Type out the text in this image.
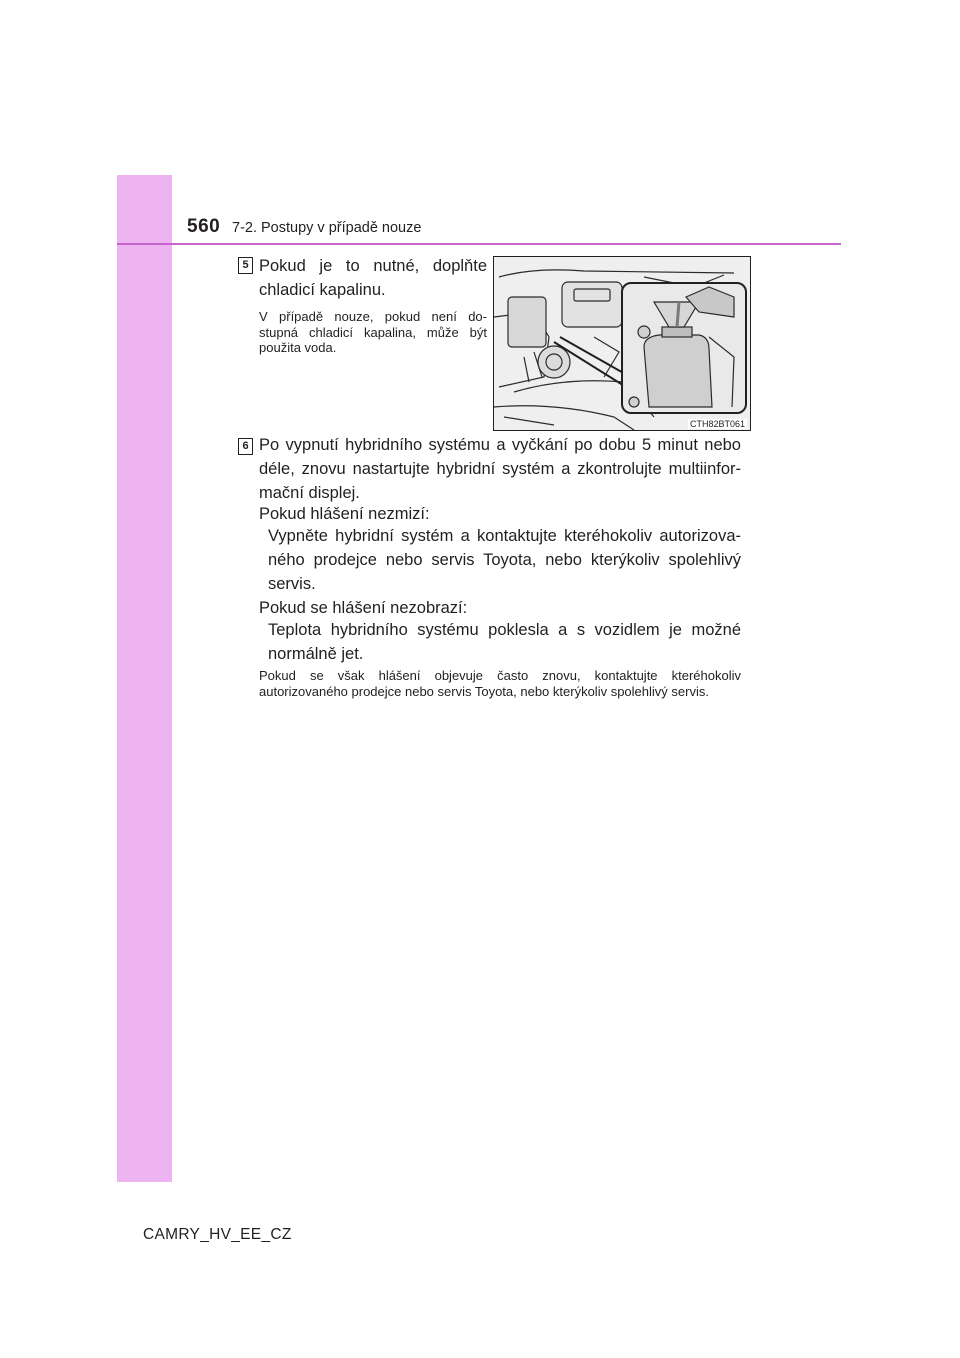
560 7-2. Postupy v případě nouze
5 Pokud je to nutné, doplňte chladicí kapalinu.

V případě nouze, pokud není do-stupná chladicí kapalina, může být použita voda.

CTH82BT061
6 Po vypnutí hybridního systému a vyčkání po dobu 5 minut nebo déle, znovu nastartujte hybridní systém a zkontrolujte multiinfor-mační displej.

Pokud hlášení nezmizí:

Vypněte hybridní systém a kontaktujte kteréhokoliv autorizova-ného prodejce nebo servis Toyota, nebo kterýkoliv spolehlivý servis.

Pokud se hlášení nezobrazí:

Teplota hybridního systému poklesla a s vozidlem je možné normálně jet.

Pokud se však hlášení objevuje často znovu, kontaktujte kteréhokoliv autorizovaného prodejce nebo servis Toyota, nebo kterýkoliv spolehlivý servis.

CAMRY_HV_EE_CZ
